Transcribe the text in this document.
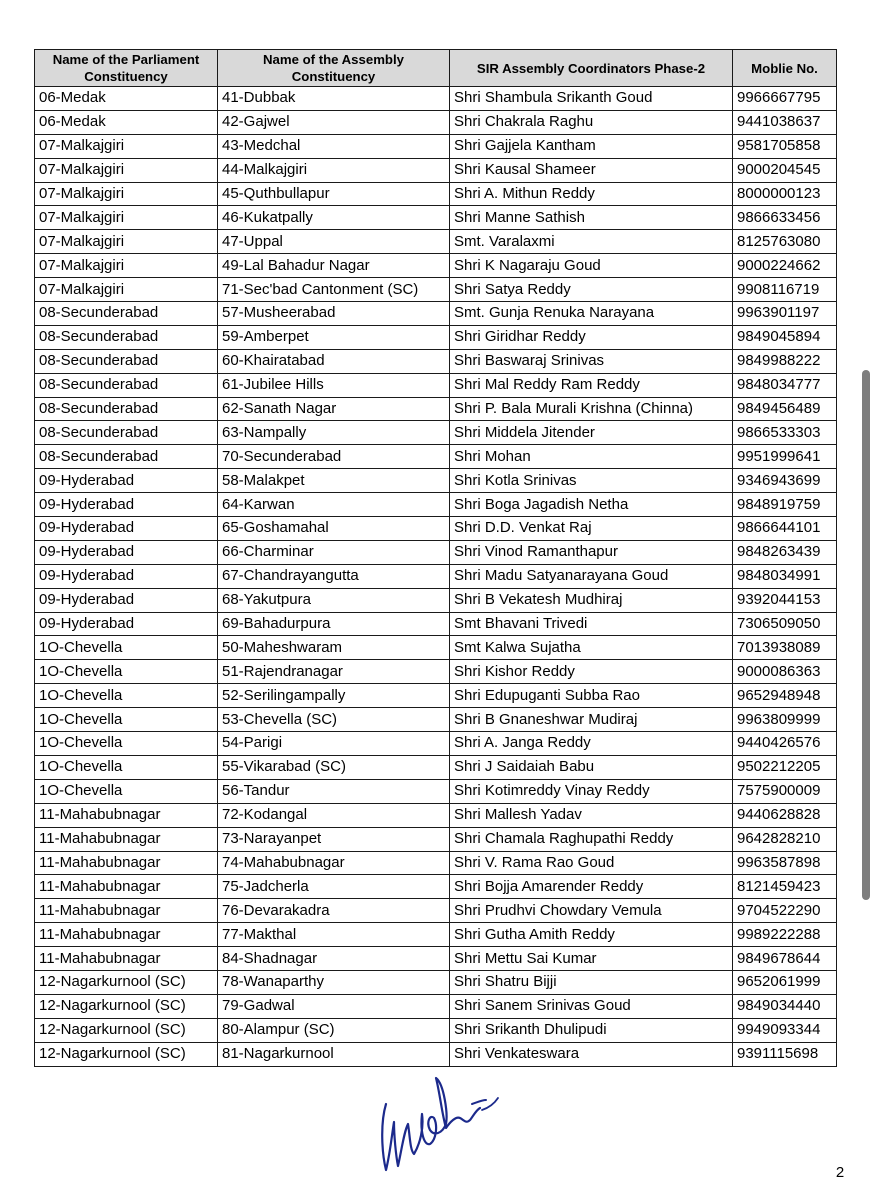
Name of the Parliament Constituency	Name of the Assembly Constituency	SIR Assembly Coordinators Phase-2	Moblie No.
06-Medak	41-Dubbak	Shri Shambula Srikanth Goud	9966667795
06-Medak	42-Gajwel	Shri Chakrala Raghu	9441038637
07-Malkajgiri	43-Medchal	Shri Gajjela Kantham	9581705858
07-Malkajgiri	44-Malkajgiri	Shri Kausal Shameer	9000204545
07-Malkajgiri	45-Quthbullapur	Shri A. Mithun Reddy	8000000123
07-Malkajgiri	46-Kukatpally	Shri Manne Sathish	9866633456
07-Malkajgiri	47-Uppal	Smt. Varalaxmi	8125763080
07-Malkajgiri	49-Lal Bahadur Nagar	Shri K Nagaraju Goud	9000224662
07-Malkajgiri	71-Sec'bad Cantonment (SC)	Shri Satya Reddy	9908116719
08-Secunderabad	57-Musheerabad	Smt. Gunja Renuka Narayana	9963901197
08-Secunderabad	59-Amberpet	Shri Giridhar Reddy	9849045894
08-Secunderabad	60-Khairatabad	Shri Baswaraj Srinivas	9849988222
08-Secunderabad	61-Jubilee Hills	Shri Mal Reddy Ram Reddy	9848034777
08-Secunderabad	62-Sanath Nagar	Shri P. Bala Murali Krishna (Chinna)	9849456489
08-Secunderabad	63-Nampally	Shri Middela Jitender	9866533303
08-Secunderabad	70-Secunderabad	Shri Mohan	9951999641
09-Hyderabad	58-Malakpet	Shri Kotla Srinivas	9346943699
09-Hyderabad	64-Karwan	Shri Boga Jagadish Netha	9848919759
09-Hyderabad	65-Goshamahal	Shri D.D. Venkat Raj	9866644101
09-Hyderabad	66-Charminar	Shri Vinod Ramanthapur	9848263439
09-Hyderabad	67-Chandrayangutta	Shri Madu Satyanarayana Goud	9848034991
09-Hyderabad	68-Yakutpura	Shri B Vekatesh Mudhiraj	9392044153
09-Hyderabad	69-Bahadurpura	Smt Bhavani Trivedi	7306509050
1O-Chevella	50-Maheshwaram	Smt Kalwa Sujatha	7013938089
1O-Chevella	51-Rajendranagar	Shri Kishor Reddy	9000086363
1O-Chevella	52-Serilingampally	Shri Edupuganti Subba Rao	9652948948
1O-Chevella	53-Chevella (SC)	Shri B Gnaneshwar Mudiraj	9963809999
1O-Chevella	54-Parigi	Shri A. Janga Reddy	9440426576
1O-Chevella	55-Vikarabad (SC)	Shri J Saidaiah Babu	9502212205
1O-Chevella	56-Tandur	Shri Kotimreddy Vinay Reddy	7575900009
11-Mahabubnagar	72-Kodangal	Shri Mallesh Yadav	9440628828
11-Mahabubnagar	73-Narayanpet	Shri Chamala Raghupathi Reddy	9642828210
11-Mahabubnagar	74-Mahabubnagar	Shri V. Rama Rao Goud	9963587898
11-Mahabubnagar	75-Jadcherla	Shri Bojja Amarender Reddy	8121459423
11-Mahabubnagar	76-Devarakadra	Shri Prudhvi Chowdary Vemula	9704522290
11-Mahabubnagar	77-Makthal	Shri Gutha Amith Reddy	9989222288
11-Mahabubnagar	84-Shadnagar	Shri Mettu Sai Kumar	9849678644
12-Nagarkurnool (SC)	78-Wanaparthy	Shri Shatru Bijji	9652061999
12-Nagarkurnool (SC)	79-Gadwal	Shri Sanem Srinivas Goud	9849034440
12-Nagarkurnool (SC)	80-Alampur (SC)	Shri Srikanth Dhulipudi	9949093344
12-Nagarkurnool (SC)	81-Nagarkurnool	Shri Venkateswara	9391115698
2
